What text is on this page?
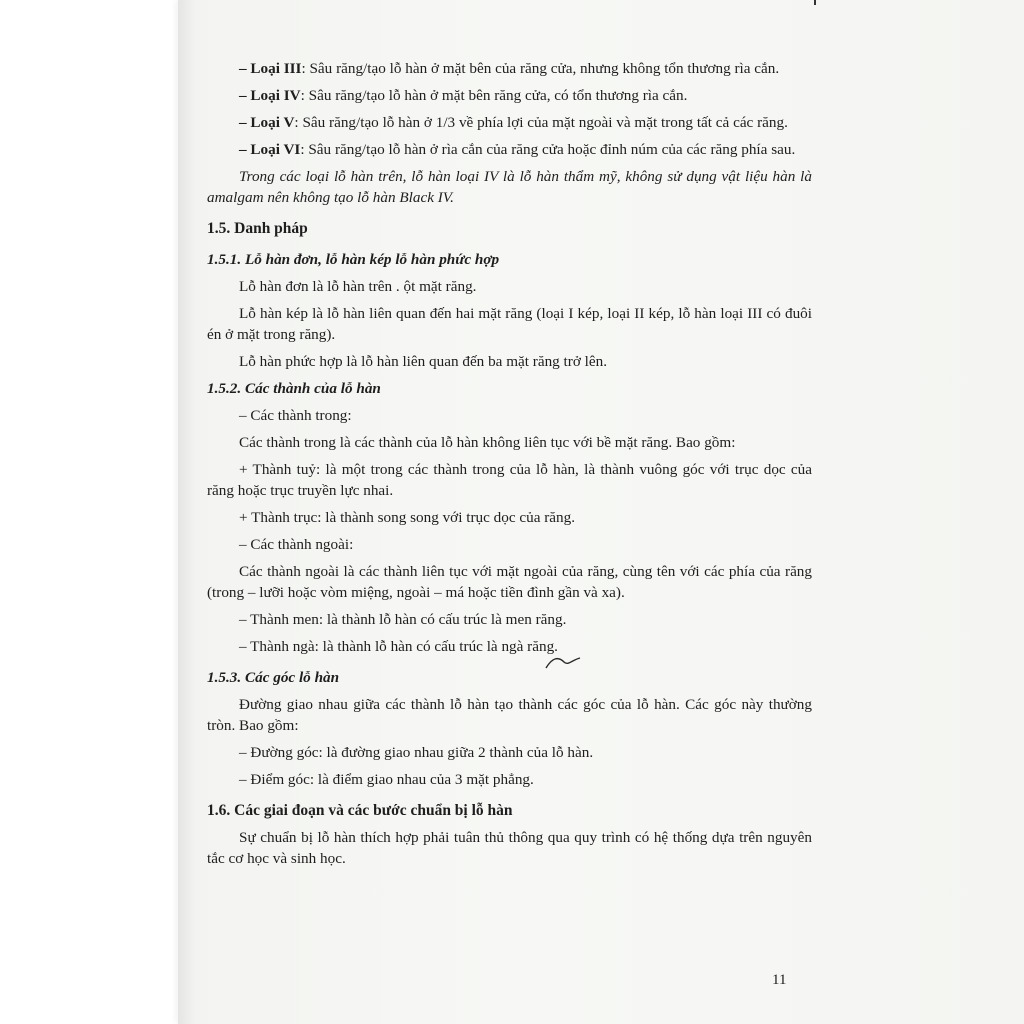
– Loại III: Sâu răng/tạo lỗ hàn ở mặt bên của răng cửa, nhưng không tổn thương rìa cắn.

– Loại IV: Sâu răng/tạo lỗ hàn ở mặt bên răng cửa, có tổn thương rìa cắn.

– Loại V: Sâu răng/tạo lỗ hàn ở 1/3 về phía lợi của mặt ngoài và mặt trong tất cả các răng.

– Loại VI: Sâu răng/tạo lỗ hàn ở rìa cắn của răng cửa hoặc đỉnh núm của các răng phía sau.

Trong các loại lỗ hàn trên, lỗ hàn loại IV là lỗ hàn thẩm mỹ, không sử dụng vật liệu hàn là amalgam nên không tạo lỗ hàn Black IV.

1.5. Danh pháp

1.5.1. Lỗ hàn đơn, lỗ hàn kép lỗ hàn phức hợp

Lỗ hàn đơn là lỗ hàn trên . ột mặt răng.

Lỗ hàn kép là lỗ hàn liên quan đến hai mặt răng (loại I kép, loại II kép, lỗ hàn loại III có đuôi én ở mặt trong răng).

Lỗ hàn phức hợp là lỗ hàn liên quan đến ba mặt răng trở lên.

1.5.2. Các thành của lỗ hàn

– Các thành trong:

Các thành trong là các thành của lỗ hàn không liên tục với bề mặt răng. Bao gồm:

+ Thành tuỷ: là một trong các thành trong của lỗ hàn, là thành vuông góc với trục dọc của răng hoặc trục truyền lực nhai.

+ Thành trục: là thành song song với trục dọc của răng.

– Các thành ngoài:

Các thành ngoài là các thành liên tục với mặt ngoài của răng, cùng tên với các phía của răng (trong – lưỡi hoặc vòm miệng, ngoài – má hoặc tiền đình gần và xa).

– Thành men: là thành lỗ hàn có cấu trúc là men răng.

– Thành ngà: là thành lỗ hàn có cấu trúc là ngà răng.

1.5.3. Các góc lỗ hàn

Đường giao nhau giữa các thành lỗ hàn tạo thành các góc của lỗ hàn. Các góc này thường tròn. Bao gồm:

– Đường góc: là đường giao nhau giữa 2 thành của lỗ hàn.

– Điểm góc: là điểm giao nhau của 3 mặt phẳng.

1.6. Các giai đoạn và các bước chuẩn bị lỗ hàn

Sự chuẩn bị lỗ hàn thích hợp phải tuân thủ thông qua quy trình có hệ thống dựa trên nguyên tắc cơ học và sinh học.

11
